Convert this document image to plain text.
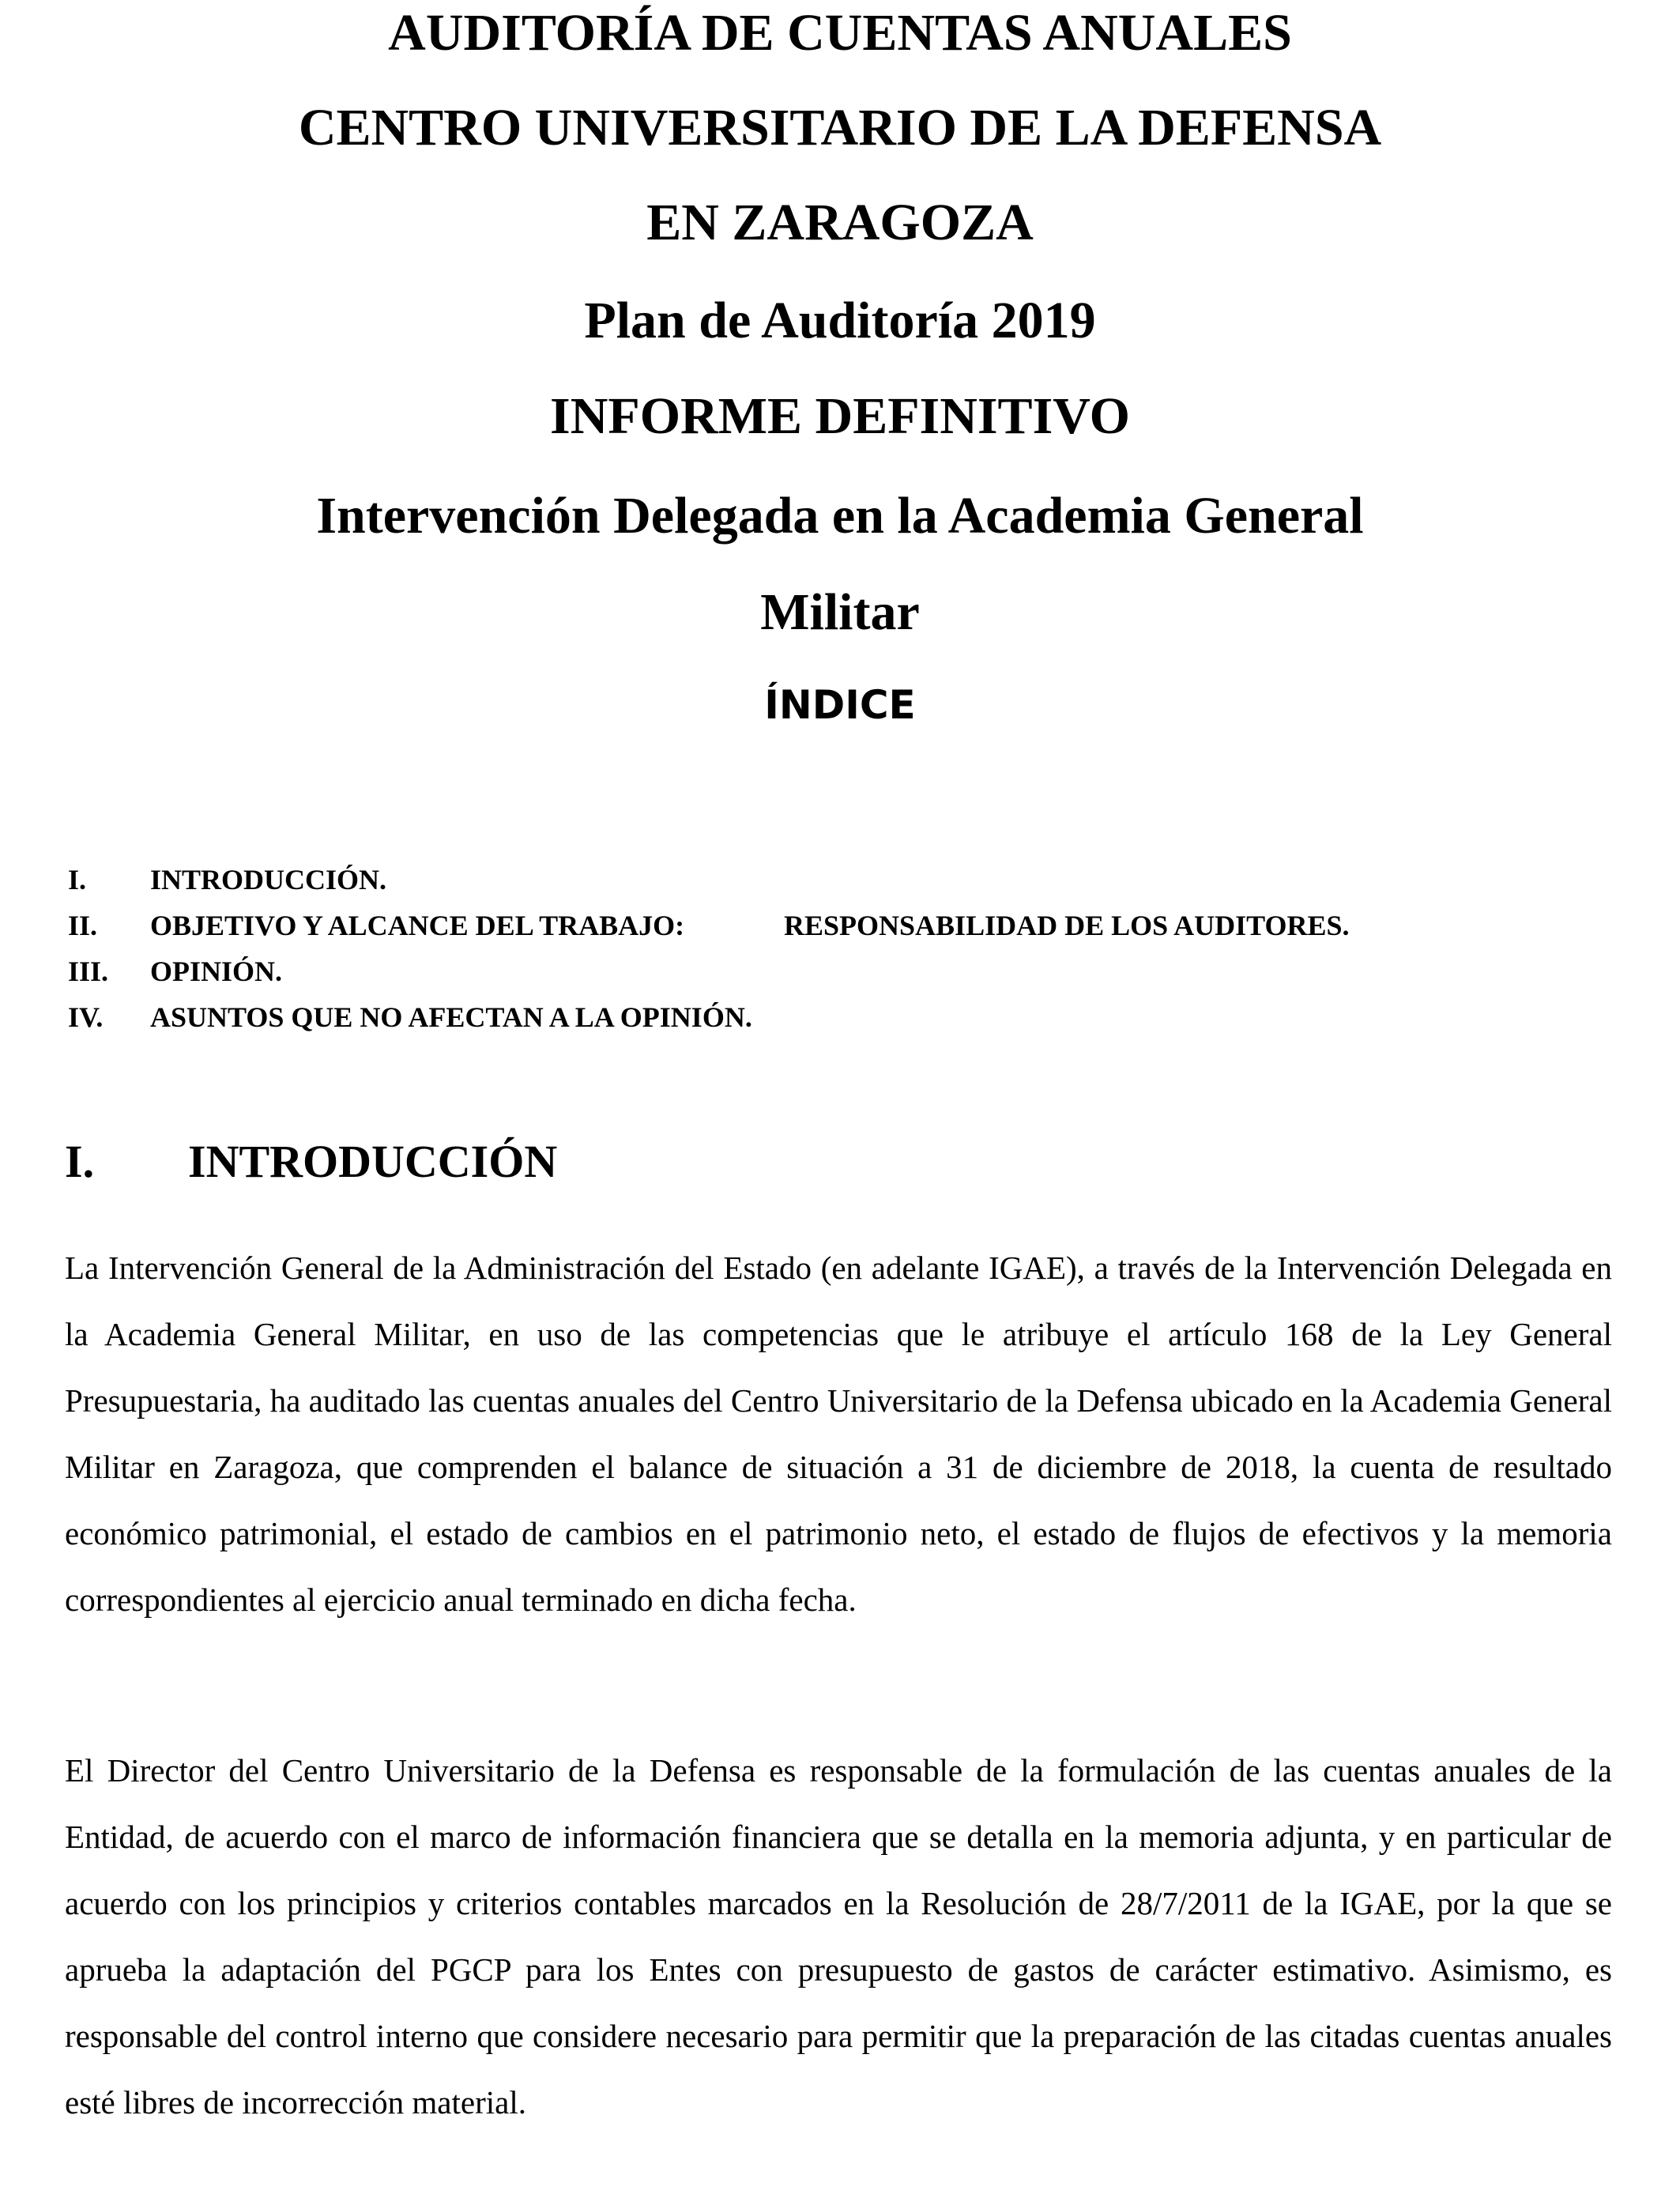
AUDITORÍA DE CUENTAS ANUALES
CENTRO UNIVERSITARIO DE LA DEFENSA
EN ZARAGOZA
Plan de Auditoría 2019
INFORME DEFINITIVO
Intervención Delegada en la Academia General
Militar
ÍNDICE
I. INTRODUCCIÓN.
II. OBJETIVO Y ALCANCE DEL TRABAJO:	RESPONSABILIDAD DE LOS AUDITORES.
III. OPINIÓN.
IV. ASUNTOS QUE NO AFECTAN A LA OPINIÓN.
I. INTRODUCCIÓN

La Intervención General de la Administración del Estado (en adelante IGAE), a través de la Intervención Delegada en la Academia General Militar, en uso de las competencias que le atribuye el artículo 168 de la Ley General Presupuestaria, ha auditado las cuentas anuales del Centro Universitario de la Defensa ubicado en la Academia General Militar en Zaragoza, que comprenden el balance de situación a 31 de diciembre de 2018, la cuenta de resultado económico patrimonial, el estado de cambios en el patrimonio neto, el estado de flujos de efectivos y la memoria correspondientes al ejercicio anual terminado en dicha fecha.

El Director del Centro Universitario de la Defensa es responsable de la formulación de las cuentas anuales de la Entidad, de acuerdo con el marco de información financiera que se detalla en la memoria adjunta, y en particular de acuerdo con los principios y criterios contables marcados en la Resolución de 28/7/2011 de la IGAE, por la que se aprueba la adaptación del PGCP para los Entes con presupuesto de gastos de carácter estimativo. Asimismo, es responsable del control interno que considere necesario para permitir que la preparación de las citadas cuentas anuales esté libres de incorrección material.
